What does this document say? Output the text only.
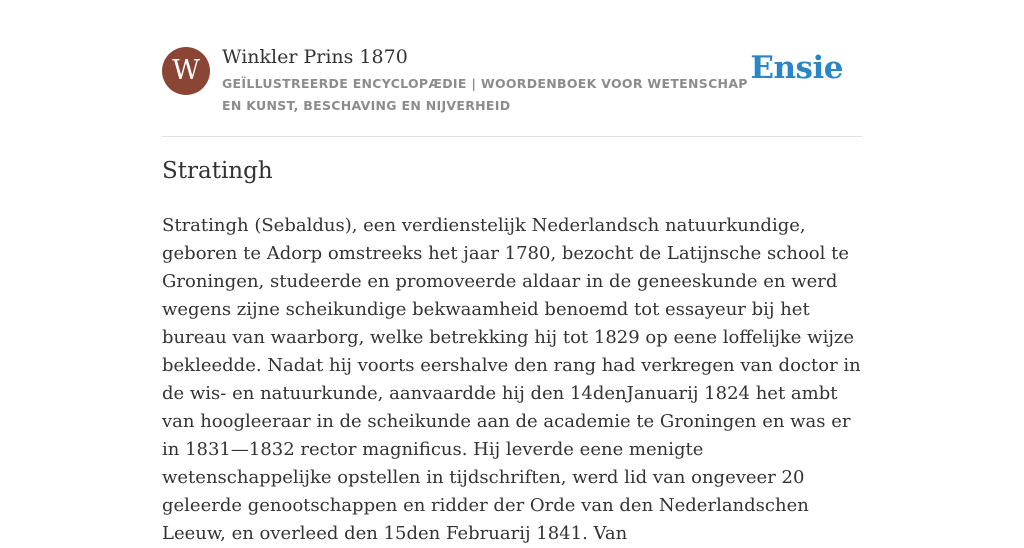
W	Winkler Prins 1870
GEÏLLUSTREERDE ENCYCLOPÆDIE | WOORDENBOEK VOOR WETENSCHAP EN KUNST, BESCHAVING EN NIJVERHEID
Ensie
Stratingh

Stratingh (Sebaldus), een verdienstelijk Nederlandsch natuurkundige, geboren te Adorp omstreeks het jaar 1780, bezocht de Latijnsche school te Groningen, studeerde en promoveerde aldaar in de geneeskunde en werd wegens zijne scheikundige bekwaamheid benoemd tot essayeur bij het bureau van waarborg, welke betrekking hij tot 1829 op eene loffelijke wijze bekleedde. Nadat hij voorts eershalve den rang had verkregen van doctor in de wis- en natuurkunde, aanvaardde hij den 14denJanuarij 1824 het ambt van hoogleeraar in de scheikunde aan de academie te Groningen en was er in 1831—1832 rector magnificus. Hij leverde eene menigte wetenschappelijke opstellen in tijdschriften, werd lid van ongeveer 20 geleerde genootschappen en ridder der Orde van den Nederlandschen Leeuw, en overleed den 15den Februarij 1841. Van
